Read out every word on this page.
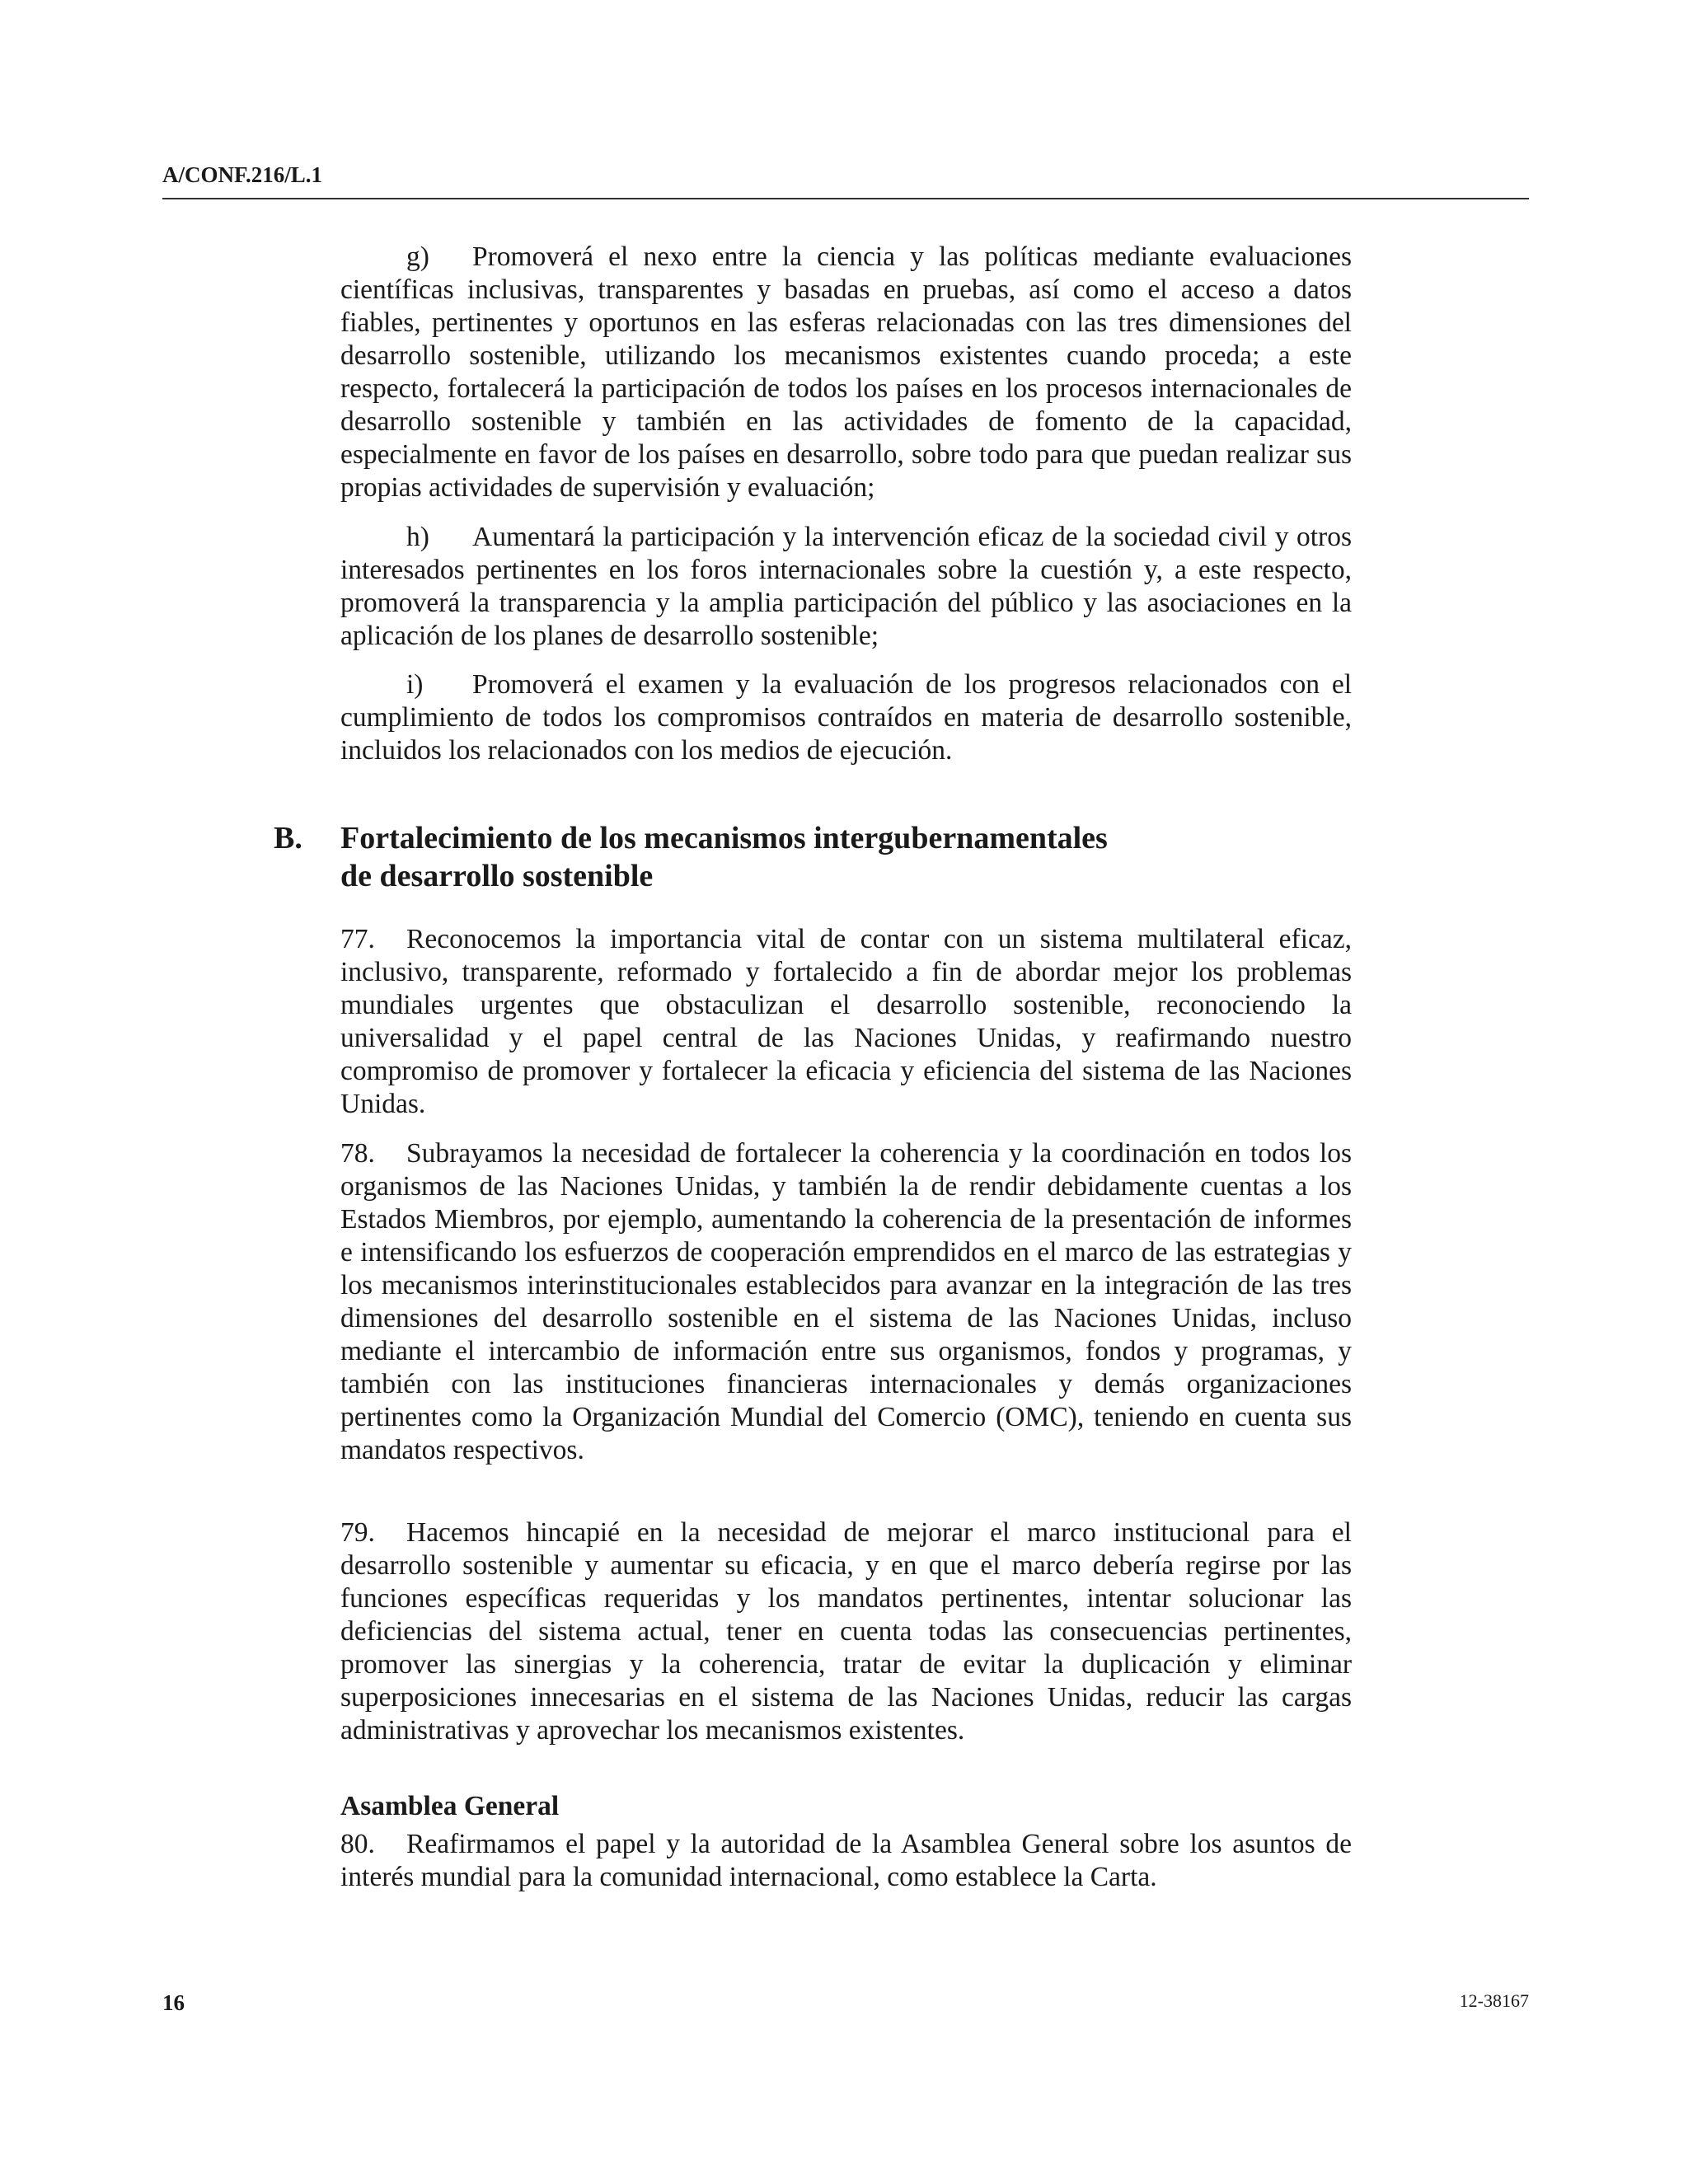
A/CONF.216/L.1

g) Promoverá el nexo entre la ciencia y las políticas mediante evaluaciones científicas inclusivas, transparentes y basadas en pruebas, así como el acceso a datos fiables, pertinentes y oportunos en las esferas relacionadas con las tres dimensiones del desarrollo sostenible, utilizando los mecanismos existentes cuando proceda; a este respecto, fortalecerá la participación de todos los países en los procesos internacionales de desarrollo sostenible y también en las actividades de fomento de la capacidad, especialmente en favor de los países en desarrollo, sobre todo para que puedan realizar sus propias actividades de supervisión y evaluación;

h) Aumentará la participación y la intervención eficaz de la sociedad civil y otros interesados pertinentes en los foros internacionales sobre la cuestión y, a este respecto, promoverá la transparencia y la amplia participación del público y las asociaciones en la aplicación de los planes de desarrollo sostenible;

i) Promoverá el examen y la evaluación de los progresos relacionados con el cumplimiento de todos los compromisos contraídos en materia de desarrollo sostenible, incluidos los relacionados con los medios de ejecución.

B. Fortalecimiento de los mecanismos intergubernamentales
de desarrollo sostenible

77. Reconocemos la importancia vital de contar con un sistema multilateral eficaz, inclusivo, transparente, reformado y fortalecido a fin de abordar mejor los problemas mundiales urgentes que obstaculizan el desarrollo sostenible, reconociendo la universalidad y el papel central de las Naciones Unidas, y reafirmando nuestro compromiso de promover y fortalecer la eficacia y eficiencia del sistema de las Naciones Unidas.

78. Subrayamos la necesidad de fortalecer la coherencia y la coordinación en todos los organismos de las Naciones Unidas, y también la de rendir debidamente cuentas a los Estados Miembros, por ejemplo, aumentando la coherencia de la presentación de informes e intensificando los esfuerzos de cooperación emprendidos en el marco de las estrategias y los mecanismos interinstitucionales establecidos para avanzar en la integración de las tres dimensiones del desarrollo sostenible en el sistema de las Naciones Unidas, incluso mediante el intercambio de información entre sus organismos, fondos y programas, y también con las instituciones financieras internacionales y demás organizaciones pertinentes como la Organización Mundial del Comercio (OMC), teniendo en cuenta sus mandatos respectivos.

79. Hacemos hincapié en la necesidad de mejorar el marco institucional para el desarrollo sostenible y aumentar su eficacia, y en que el marco debería regirse por las funciones específicas requeridas y los mandatos pertinentes, intentar solucionar las deficiencias del sistema actual, tener en cuenta todas las consecuencias pertinentes, promover las sinergias y la coherencia, tratar de evitar la duplicación y eliminar superposiciones innecesarias en el sistema de las Naciones Unidas, reducir las cargas administrativas y aprovechar los mecanismos existentes.

Asamblea General

80. Reafirmamos el papel y la autoridad de la Asamblea General sobre los asuntos de interés mundial para la comunidad internacional, como establece la Carta.

16	12-38167
